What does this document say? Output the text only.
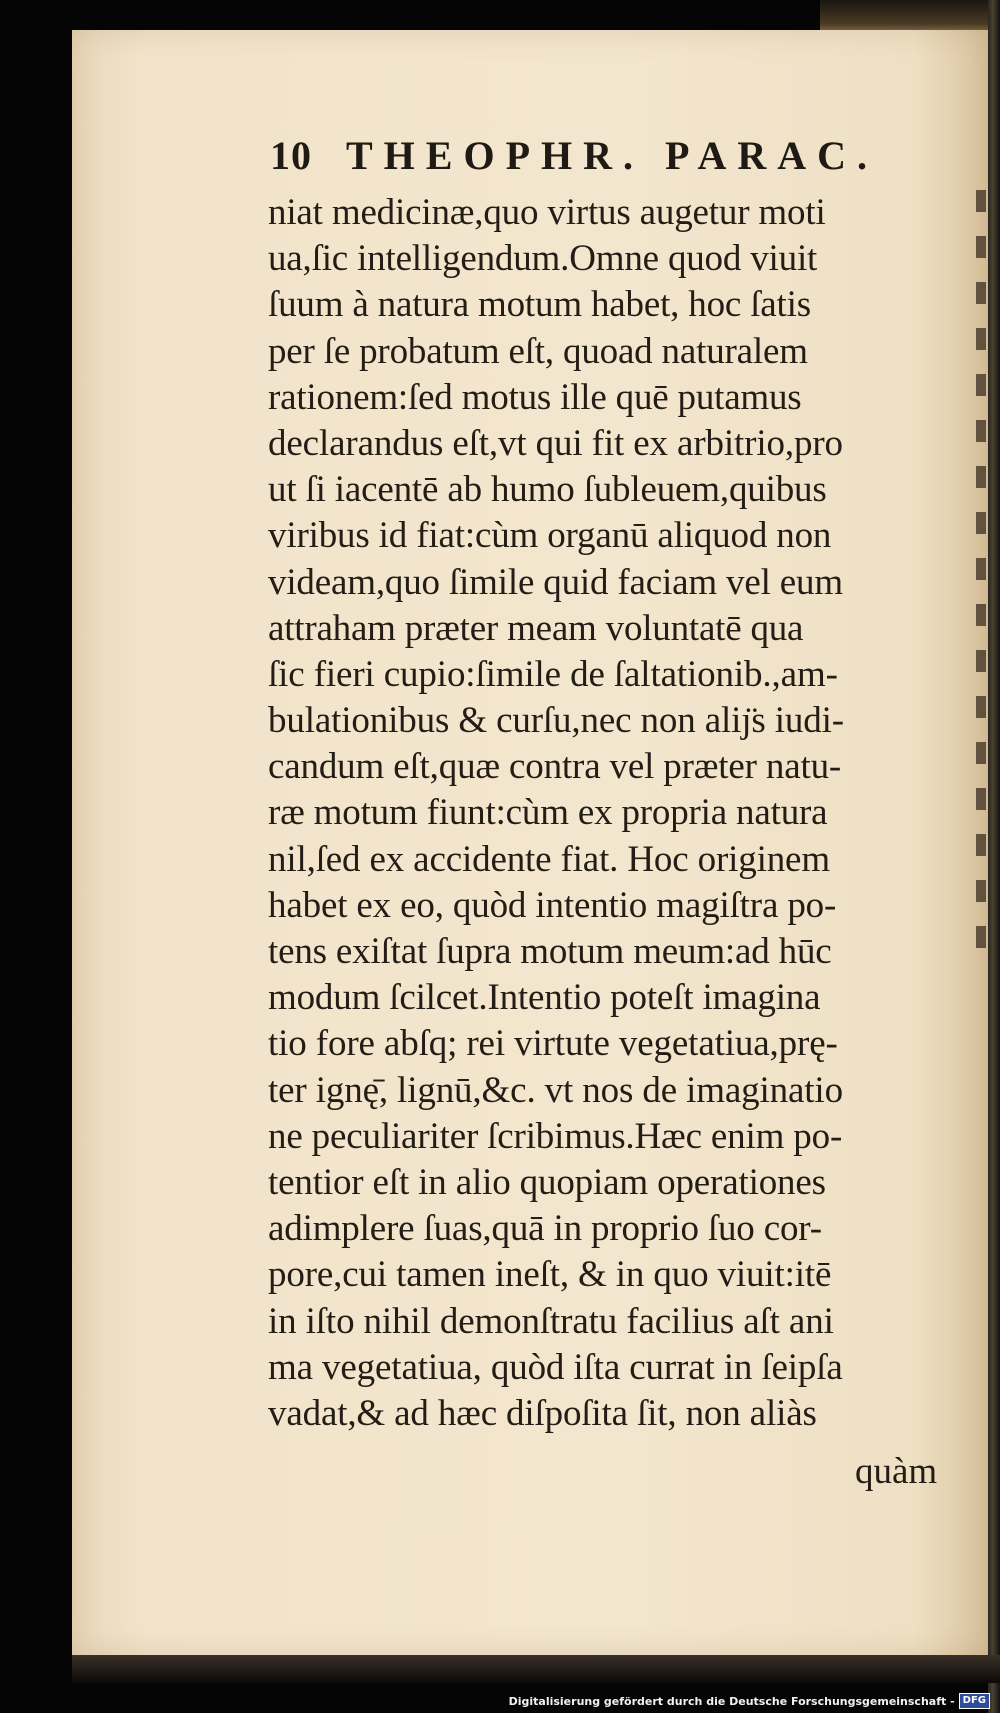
10 THEOPHR. PARAC.
niat medicinæ,quo virtus augetur moti
ua,ſic intelligendum.Omne quod viuit
ſuum à natura motum habet, hoc ſatis
per ſe probatum eſt, quoad naturalem
rationem:ſed motus ille quē putamus
declarandus eſt,vt qui fit ex arbitrio,pro
ut ſi iacentē ab humo ſubleuem,quibus
viribus id fiat:cùm organū aliquod non
videam,quo ſimile quid faciam vel eum
attraham præter meam voluntatē qua
ſic fieri cupio:ſimile de ſaltationib.,am-
bulationibus & curſu,nec non aliȷ̈s iudi-
candum eſt,quæ contra vel præter natu-
ræ motum fiunt:cùm ex propria natura
nil,ſed ex accidente fiat. Hoc originem
habet ex eo, quòd intentio magiſtra po-
tens exiſtat ſupra motum meum:ad hūc
modum ſcilcet.Intentio poteſt imagina
tio fore abſq; rei virtute vegetatiua,prę-
ter ignę̄, lignū,&c. vt nos de imaginatio
ne peculiariter ſcribimus.Hæc enim po-
tentior eſt in alio quopiam operationes
adimplere ſuas,quā in proprio ſuo cor-
pore,cui tamen ineſt, & in quo viuit:itē
in iſto nihil demonſtratu facilius aſt ani
ma vegetatiua, quòd iſta currat in ſeipſa
vadat,& ad hæc diſpoſita ſit, non aliàs
quàm
Digitalisierung gefördert durch die Deutsche Forschungsgemeinschaft - DFG
